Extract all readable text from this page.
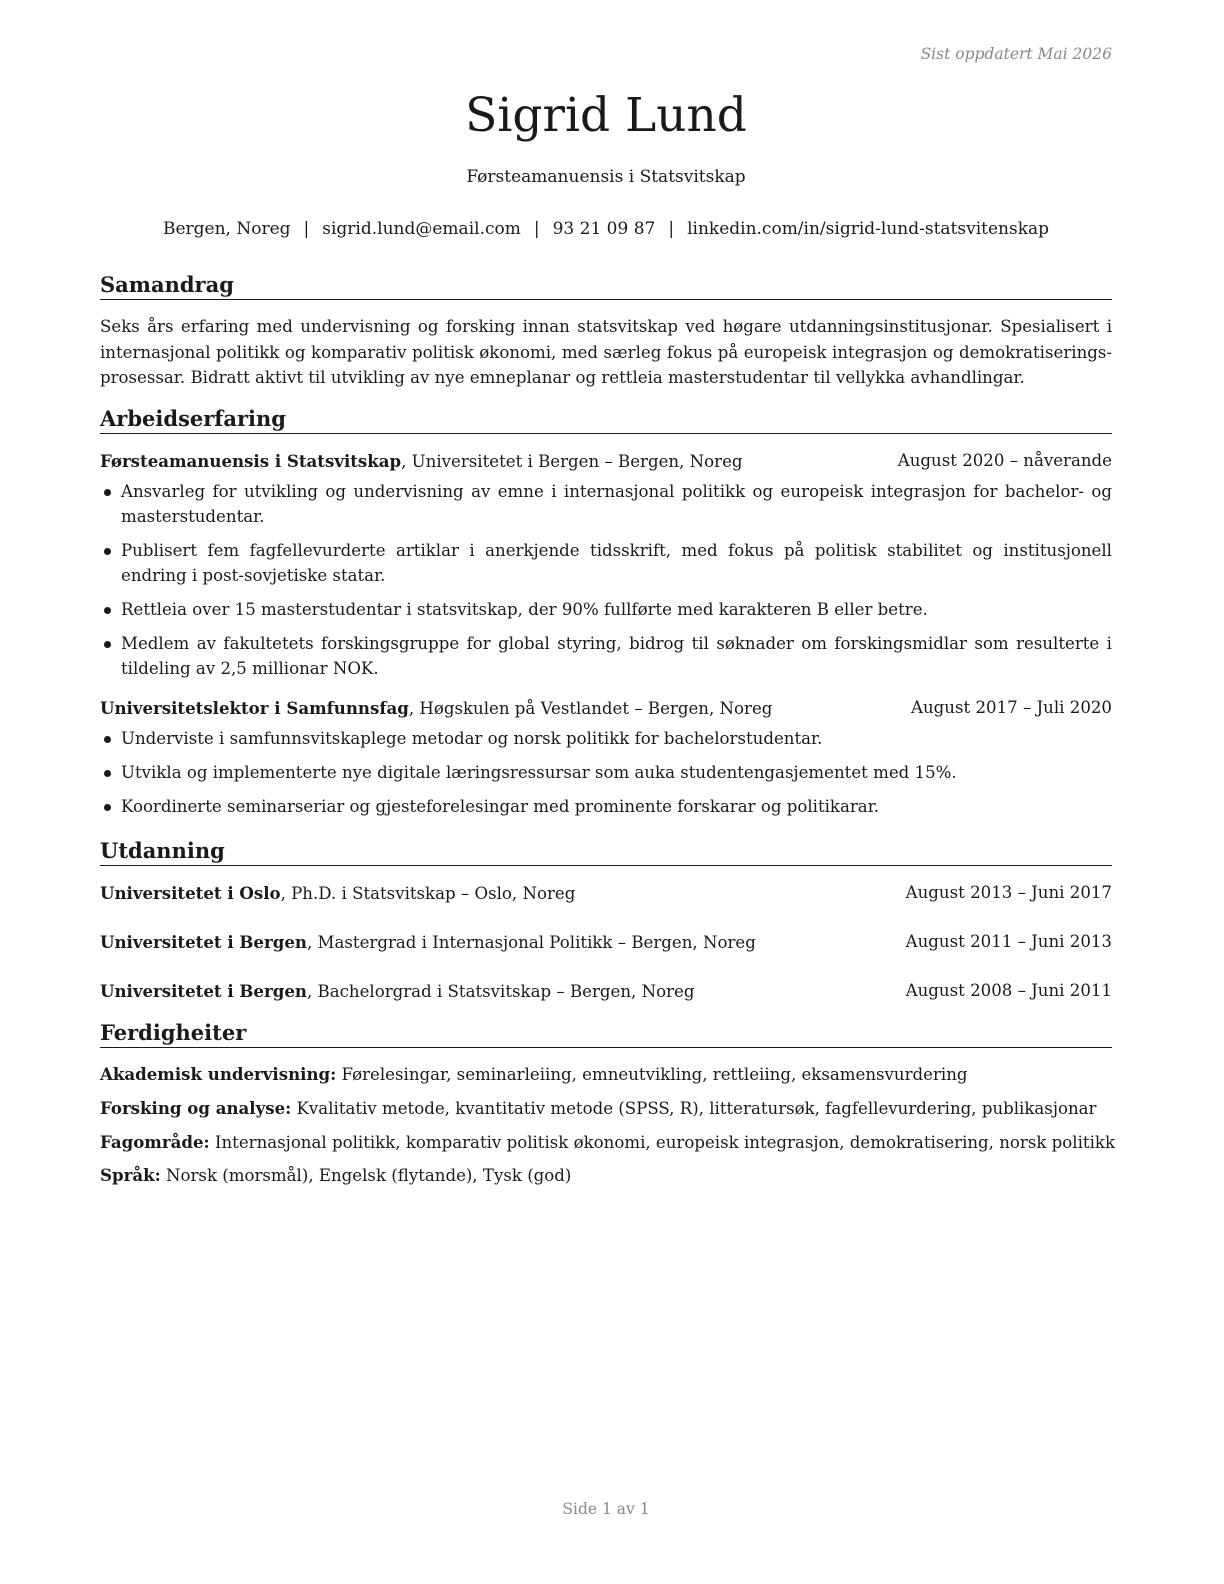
Sist oppdatert Mai 2026
Sigrid Lund
Førsteamanuensis i Statsvitskap
Bergen, Noreg | sigrid.lund@email.com | 93 21 09 87 | linkedin.com/in/sigrid-lund-statsvitenskap
Samandrag

Seks års erfaring med undervisning og forsking innan statsvitskap ved høgare utdanningsinstitusjonar. Spesialisert i internasjonal politikk og komparativ politisk økonomi, med særleg fokus på europeisk integrasjon og demokratiseringsprosessar. Bidratt aktivt til utvikling av nye emneplanar og rettleia masterstudentar til vellykka avhandlingar.

Arbeidserfaring
Førsteamanuensis i Statsvitskap, Universitetet i Bergen – Bergen, Noreg	August 2020 – nåverande
Ansvarleg for utvikling og undervisning av emne i internasjonal politikk og europeisk integrasjon for bachelor- og masterstudentar.
Publisert fem fagfellevurderte artiklar i anerkjende tidsskrift, med fokus på politisk stabilitet og institusjonell endring i post-sovjetiske statar.
Rettleia over 15 masterstudentar i statsvitskap, der 90% fullførte med karakteren B eller betre.
Medlem av fakultetets forskingsgruppe for global styring, bidrog til søknader om forskingsmidlar som resulterte i tildeling av 2,5 millionar NOK.
Universitetslektor i Samfunnsfag, Høgskulen på Vestlandet – Bergen, Noreg	August 2017 – Juli 2020
Underviste i samfunnsvitskaplege metodar og norsk politikk for bachelorstudentar.
Utvikla og implementerte nye digitale læringsressursar som auka studentengasjementet med 15%.
Koordinerte seminarseriar og gjesteforelesingar med prominente forskarar og politikarar.
Utdanning
Universitetet i Oslo, Ph.D. i Statsvitskap – Oslo, Noreg	August 2013 – Juni 2017
Universitetet i Bergen, Mastergrad i Internasjonal Politikk – Bergen, Noreg	August 2011 – Juni 2013
Universitetet i Bergen, Bachelorgrad i Statsvitskap – Bergen, Noreg	August 2008 – Juni 2011
Ferdigheiter
Akademisk undervisning: Førelesingar, seminarleiing, emneutvikling, rettleiing, eksamensvurdering
Forsking og analyse: Kvalitativ metode, kvantitativ metode (SPSS, R), litteratursøk, fagfellevurdering, publikasjonar
Fagområde: Internasjonal politikk, komparativ politisk økonomi, europeisk integrasjon, demokratisering, norsk politikk
Språk: Norsk (morsmål), Engelsk (flytande), Tysk (god)
Side 1 av 1
